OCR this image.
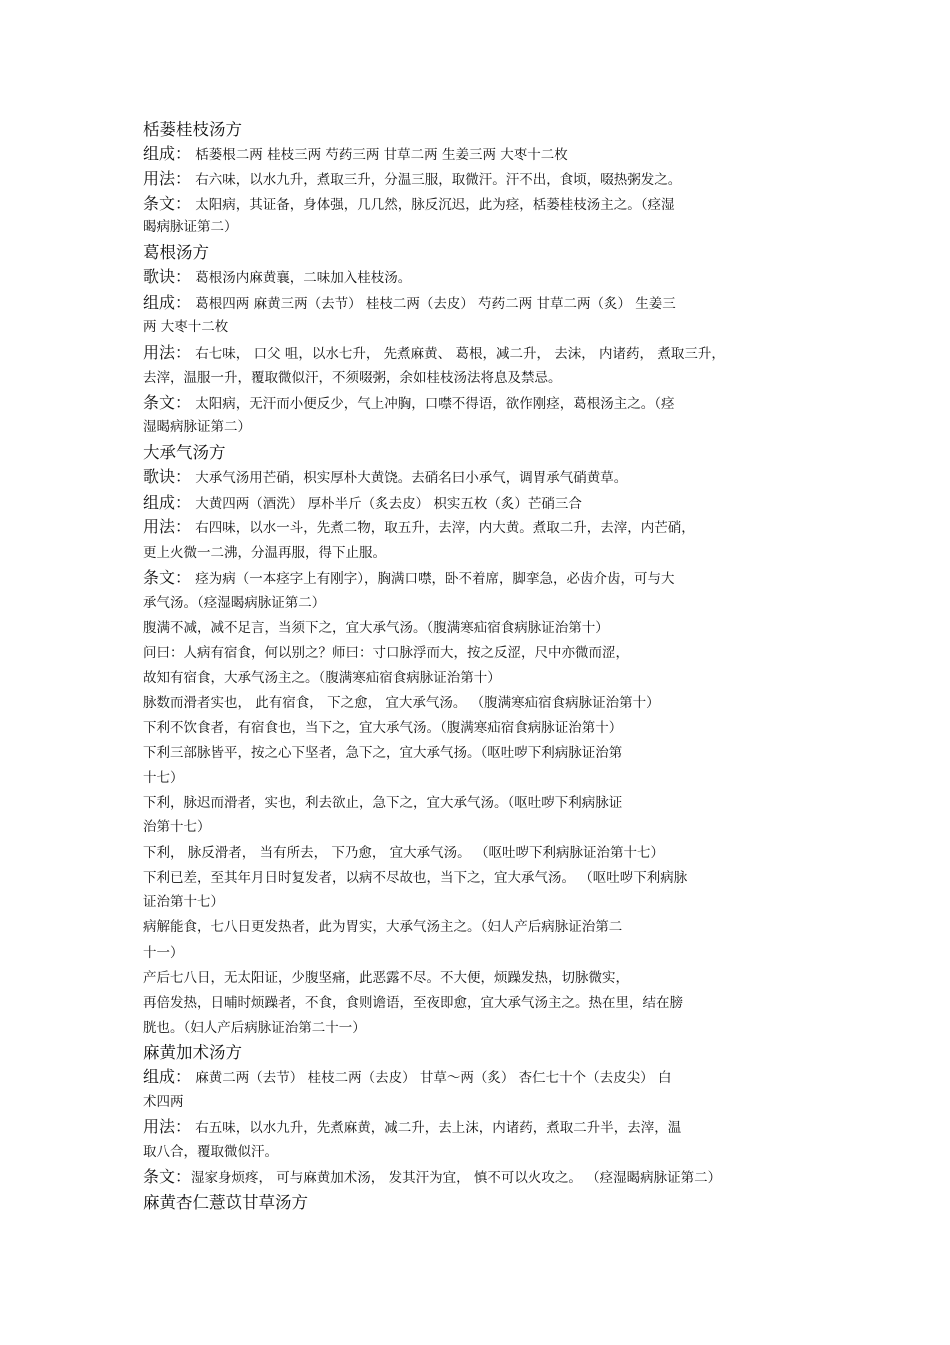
栝蒌桂枝汤方
组成： 栝蒌根二两 桂枝三两 芍药三两 甘草二两 生姜三两 大枣十二枚
用法： 右六味，以水九升，煮取三升，分温三服，取微汗。汗不出，食顷，啜热粥发之。
条文： 太阳病，其证备，身体强，几几然，脉反沉迟，此为痉，栝蒌桂枝汤主之。（痉湿
暍病脉证第二）
葛根汤方
歌诀： 葛根汤内麻黄襄，二味加入桂枝汤。
组成： 葛根四两 麻黄三两（去节） 桂枝二两（去皮） 芍药二两 甘草二两（炙） 生姜三
两 大枣十二枚
用法： 右七味， 口父 咀，以水七升， 先煮麻黄、 葛根，减二升， 去沫， 内诸药， 煮取三升，
去滓，温服一升，覆取微似汗，不须啜粥，余如桂枝汤法将息及禁忌。
条文： 太阳病，无汗而小便反少，气上冲胸，口噤不得语，欲作刚痉，葛根汤主之。（痉
湿暍病脉证第二）
大承气汤方
歌诀： 大承气汤用芒硝，枳实厚朴大黄饶。去硝名曰小承气，调胃承气硝黄草。
组成： 大黄四两（酒洗） 厚朴半斤（炙去皮） 枳实五枚（炙）芒硝三合
用法： 右四味，以水一斗，先煮二物，取五升，去滓，内大黄。煮取二升，去滓，内芒硝，
更上火微一二沸，分温再服，得下止服。
条文： 痉为病（一本痉字上有刚字），胸满口噤，卧不着席，脚挛急，必齿介齿，可与大
承气汤。（痉湿暍病脉证第二）
腹满不减，减不足言，当须下之，宜大承气汤。（腹满寒疝宿食病脉证治第十）
问曰：人病有宿食，何以别之？师曰：寸口脉浮而大，按之反涩，尺中亦微而涩，
故知有宿食，大承气汤主之。（腹满寒疝宿食病脉证治第十）
脉数而滑者实也， 此有宿食， 下之愈， 宜大承气汤。 （腹满寒疝宿食病脉证治第十）
下利不饮食者，有宿食也，当下之，宜大承气汤。（腹满寒疝宿食病脉证治第十）
下利三部脉皆平，按之心下坚者，急下之，宜大承气扬。（呕吐哕下利病脉证治第
十七）
下利，脉迟而滑者，实也，利去欲止，急下之，宜大承气汤。（呕吐哕下利病脉证
治第十七）
下利， 脉反滑者， 当有所去， 下乃愈， 宜大承气汤。 （呕吐哕下利病脉证治第十七）
下利已差，至其年月日时复发者，以病不尽故也，当下之，宜大承气汤。 （呕吐哕下利病脉
证治第十七）
病解能食，七八日更发热者，此为胃实，大承气汤主之。（妇人产后病脉证治第二
十一）
产后七八日，无太阳证，少腹坚痛，此恶露不尽。不大便，烦躁发热，切脉微实，
再倍发热，日晡时烦躁者，不食，食则谵语，至夜即愈，宜大承气汤主之。热在里，结在膀
胱也。（妇人产后病脉证治第二十一）
麻黄加术汤方
组成： 麻黄二两（去节） 桂枝二两（去皮） 甘草～两（炙） 杏仁七十个（去皮尖） 白
术四两
用法： 右五味，以水九升，先煮麻黄，减二升，去上沫，内诸药，煮取二升半，去滓，温
取八合，覆取微似汗。
条文：湿家身烦疼， 可与麻黄加术汤， 发其汗为宜， 慎不可以火攻之。 （痉湿暍病脉证第二）
麻黄杏仁薏苡甘草汤方
